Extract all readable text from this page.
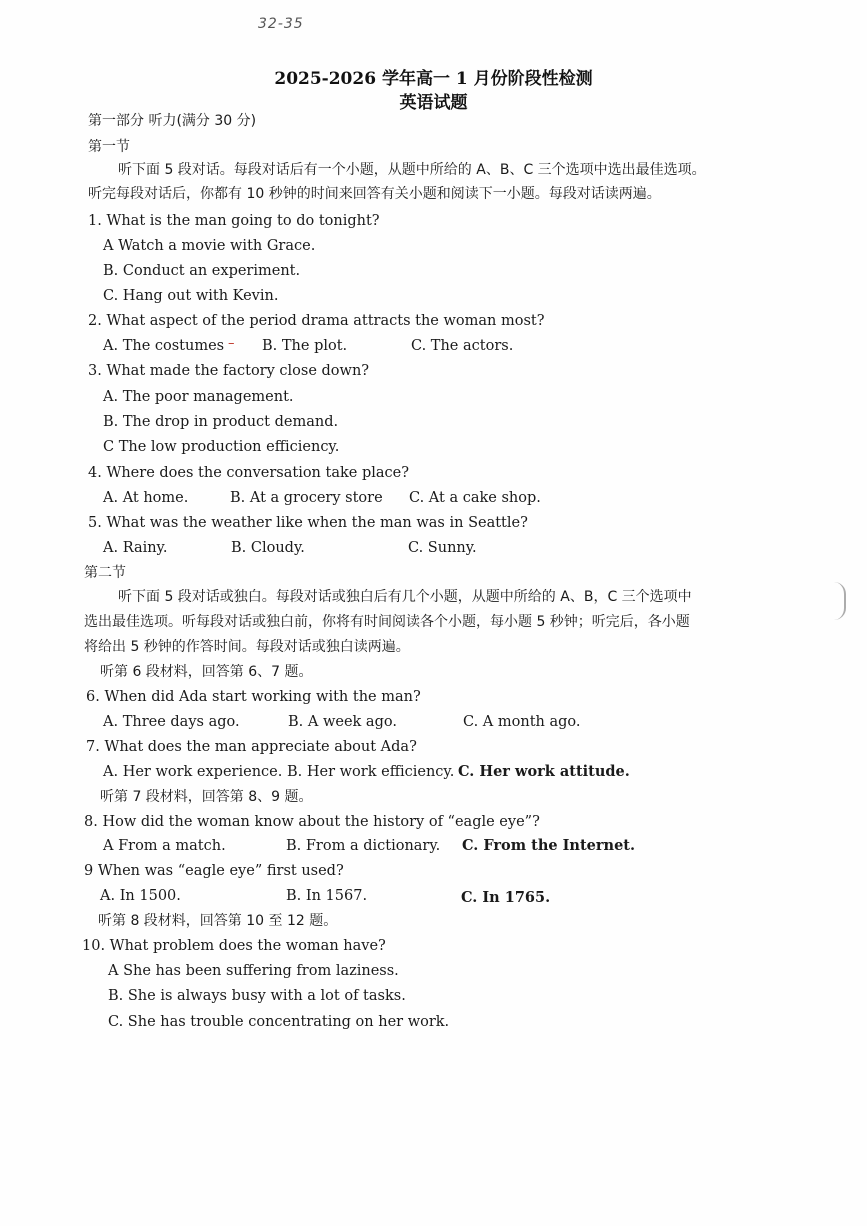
32-35
2025-2026 学年高一 1 月份阶段性检测
英语试题
第一部分 听力(满分 30 分)
第一节
听下面 5 段对话。每段对话后有一个小题，从题中所给的 A、B、C 三个选项中选出最佳选项。
听完每段对话后，你都有 10 秒钟的时间来回答有关小题和阅读下一小题。每段对话读两遍。
1. What is the man going to do tonight?
A Watch a movie with Grace.
B. Conduct an experiment.
C. Hang out with Kevin.
2. What aspect of the period drama attracts the woman most?
A. The costumes – B. The plot.	C. The actors.
3. What made the factory close down?
A. The poor management.
B. The drop in product demand.
C The low production efficiency.
4. Where does the conversation take place?
A. At home.	B. At a grocery store C. At a cake shop.
5. What was the weather like when the man was in Seattle?
A. Rainy.	B. Cloudy.	C. Sunny.
第二节
听下面 5 段对话或独白。每段对话或独白后有几个小题，从题中所给的 A、B，C 三个选项中
选出最佳选项。听每段对话或独白前，你将有时间阅读各个小题，每小题 5 秒钟；听完后，各小题
将给出 5 秒钟的作答时间。每段对话或独白读两遍。
听第 6 段材料，回答第 6、7 题。
6. When did Ada start working with the man?
A. Three days ago.	B. A week ago.	C. A month ago.
7. What does the man appreciate about Ada?
A. Her work experience. B. Her work efficiency. C. Her work attitude.
听第 7 段材料，回答第 8、9 题。
8. How did the woman know about the history of “eagle eye”?
A From a match.	B. From a dictionary. C. From the Internet.
9 When was “eagle eye” first used?
A. In 1500.	B. In 1567.	C. In 1765.
听第 8 段材料，回答第 10 至 12 题。
10. What problem does the woman have?
A She has been suffering from laziness.
B. She is always busy with a lot of tasks.
C. She has trouble concentrating on her work.
